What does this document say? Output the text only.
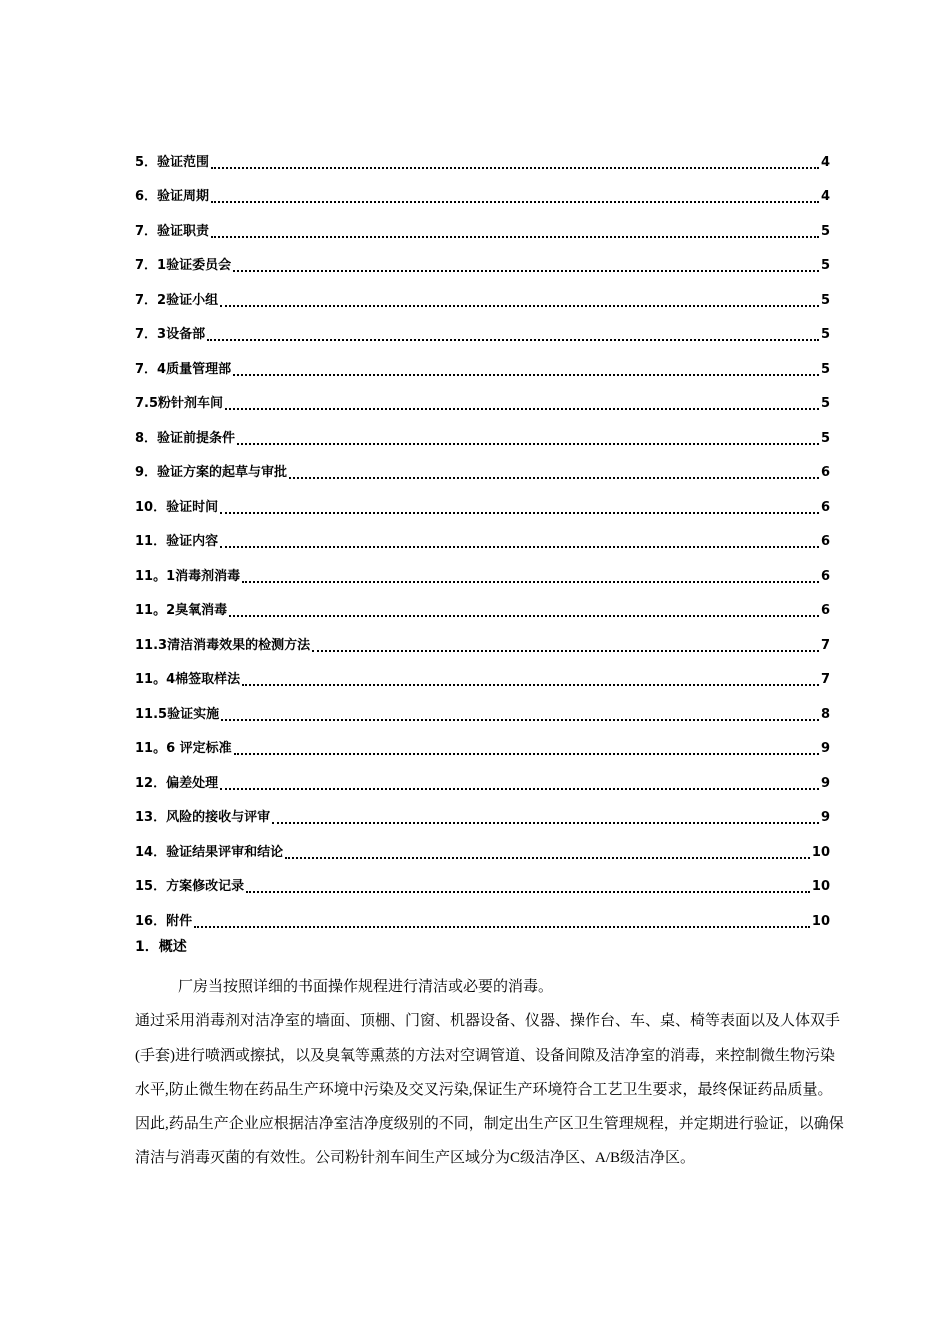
5．验证范围	4
6．验证周期	4
7．验证职责	5
7．1验证委员会	5
7．2验证小组	5
7．3设备部	5
7．4质量管理部	5
7.5粉针剂车间	5
8．验证前提条件	5
9．验证方案的起草与审批	6
10．验证时间	6
11．验证内容	6
11。1消毒剂消毒	6
11。2臭氧消毒	6
11.3清洁消毒效果的检测方法	7
11。4棉签取样法	7
11.5验证实施	8
11。6 评定标准	9
12．偏差处理	9
13．风险的接收与评审	9
14．验证结果评审和结论	10
15．方案修改记录	10
16．附件	10
1．概述

厂房当按照详细的书面操作规程进行清洁或必要的消毒。

通过采用消毒剂对洁净室的墙面、顶棚、门窗、机器设备、仪器、操作台、车、桌、椅等表面以及人体双手(手套)进行喷洒或擦拭，以及臭氧等熏蒸的方法对空调管道、设备间隙及洁净室的消毒，来控制微生物污染水平,防止微生物在药品生产环境中污染及交叉污染,保证生产环境符合工艺卫生要求，最终保证药品质量。因此,药品生产企业应根据洁净室洁净度级别的不同，制定出生产区卫生管理规程，并定期进行验证，以确保清洁与消毒灭菌的有效性。公司粉针剂车间生产区域分为C级洁净区、A/B级洁净区。
